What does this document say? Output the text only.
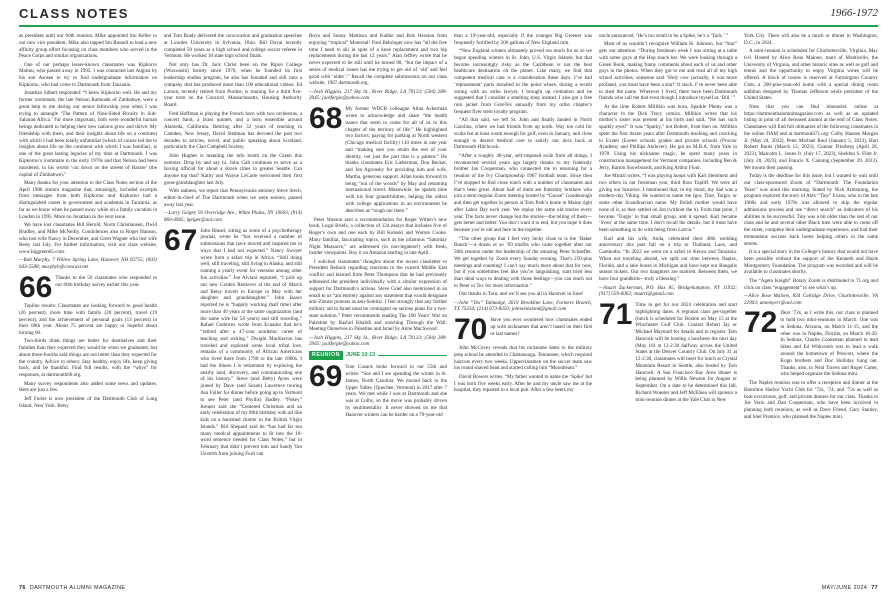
CLASS NOTES	1966-1972

as president until our 60th reunion. Mike appointed Stu Keller to our new vice president. Mike also tapped Stu Russell to lead a new affinity group effort focusing on class members who served in the Peace Corps and similar organizations.

One of our perhaps lesser-known classmates was Kipkorro Malinu, who passed away in 1995. I was contacted last August by his son Asosee to try to find undergraduate information on Kipkorno, who had come to Dartmouth from Tanzania.

Jonathan Silbert responded: “I knew Kipkorno well. He and my former roommate, the late Nelson Ramoade of Zimbabwe, were a great help to me during our senior fellowship year when I was trying to untangle ‘The Pattern of Nine-Sided Rivalry in Sub-Saharan Africa.’ Far more important, both were wonderful human beings dedicated to helping their new nations grow and thrive. My friendship with them, and their insights about life on a continent with which I had been totally unfamiliar (which of course led me to insights about life on the continent with which I was familiar), is one of the great lasting legacies of my time at Dartmouth. I was Kipkorno’s roommate in the early 1970s and that Nelson had been murdered, in his words ‘cut down on the streets of Harare’ (the capital of Zimbabwe).”

Many thanks for your attention to the Class Notes section of the April 1986 alumni magazine that, amusingly, included excerpts from messages from both Kipkorno and Kipkorno had a distinguished career in government and academia in Tanzania, as far as we know when he passed away while on a family vacation in London in 1995. More on Jonathan in the next issue.

We have lost classmates Bill Herold, Norm Christiansen, Dwid Bradley, and Mike McNeilly. Condolences also to Roger Hanson, who lost wife Nancy in December, and Greet Wagner who lost wife Betsy last July. For further information, visit our class website, www.biggreen65.com.

—Bob Murphy, 7 Willow Spring Lane, Hanover, NH 03755; (603) 643-5588; murphyb@comcast.net

66 Thanks to the 50 classmates who responded to our 60th birthday survey earlier this year.

Topline results: Classmates are looking forward to good health (26 percent), more time with family (20 percent), travel (19 percent), and the achievement of personal goals (13 percent) in their 60th year. About 75 percent are happy or hopeful about turning 60.

Two-thirds think things are better for themselves and their families than they expected they would be when we graduated, but about three-fourths said things are not better than they expected for the country. Advice to others: Stay healthy, enjoy life, keep giving back, and be thankful. Find full results, with the “whys” for responses, at dartmouth66.org.

Many survey respondents also added some news and updates. Here are just a few.

Jeff Furler is now president of the Dartmouth Club of Long Island, New York. Betsy

and Tom Brady delivered the convocation and graduation speeches at Lourdes University in Sylvania, Ohio. Bill Duval recently completed 50 years as a high school and college soccer referee in Vermont. He worked 18 state high school finals.

Not only has Dr. Jack Christ been on the Ripon College (Wisconsin) faculty since 1970, when he founded its first leadership studies program, he also has founded and still runs a company that has produced more than 100 educational videos. Ed Larson, recently retired from Purdue, is running for a third five-year term on the Concord, Massachusetts, Housing Authority Board.

Fred Hoffman is playing the French horn with two orchestras, a concert band, a brass quintet, and a horn ensemble around Alameda, California. Retiring after 32 years of teaching in Camden, New Jersey, David Stedman has devoted the past two decades to articles, novel, and public speaking about Scotland, particularly the Clan Campbell Society.

John Hughes is manning the info booth on the Green this summer. Drop by and say hi. John Galt continues to serve as a boxing official for about a dozen cities in greater Seattle. Can anyone top that? Kathy and Wayne LeCarte welcomed their first great-granddaughter last July.

With sadness, we report that Pennsylvania attorney Steve Stech, editor-in-chief of The Dartmouth when we were seniors, passed away last year.

—Larry Geiger, 93 Overridge Ave., White Plains, NY 10603; (914) 860-4945; lgeiger@aol.com

67 John Rhead, sitting as some of a psychotherapy journal, wrote he “has received a number of submissions that have moved and inspired me in ways that I had not expected.” Nancy Swoyer wrote from a safari trip in Africa. “Still doing well, still traveling, still living in Alaska, and still running a yearly event for veterans among other fun activities.” Joe Alviani reported, “I pick up our new Golden Retriever at the end of March and Betsy travels to Europe in May with her daughter and granddaughter.” John Isaacs reported he is “happily working (half time) after more than 40 years at the same organization (and the same wife for 50 years) and still traveling.” Rafael Gutierrez wrote from Ecuador that he’s “retired after a 47-year academic career of teaching and writing.” Dwight MacKerron has traveled and explored some local tribal lore, remains of a community of African Americans who lived there from 1790 to the late 1800s. I had the illness I is retirement by exploring the nearby land, discovery, and communicating one of his history.” Steve (and Betty) Ayres were joined by Dave (and Susan) Lawrence touring Asa Fuller for dinner before going up to Vermont to see Peter (and Phyllis) Hadley. “Pokey” Kenner said she “Centered Christmas and an early celebration of my 80th birthday with all like kids on a banished charter in the British Virgin Islands.” Bill Shepard said he “has had far too many medical appointments to fit into the 10-word sentence needed for Class Notes,” but in February that didn’t prevent him and Sandy Van Unverth from joining Ford van

Royn and Sunny Mattison and Kathie and Bob Hession from enjoying “tropical” Montreal! Fred Behringer now has “all the free time I need to ski in spite of a knee replacement and two hip replacements during the last 12 years.” Alan Jeffrey wrote that he never expected to be still until he turned 98, “but the impact of a series of medical issues has me trying to get old of ‘old’ and feel good with ‘older’.” Recall the complete submissions on our class website, 1967.dartmouth.org.

—Josh Higgins, 217 Sky St., River Ridge, LA 70123; (504) 289-3945; jackfergie@yahoo.com

68 My former WDCR colleague Allan Ackerman wrote to acknowledge and share “the health issues that seem to come for all of us in this chapter of the territory of life.” He highlighted two factors: paying for parking at North western (Chicago medical facility) 110 times in one year and “making sure you retain the rest of your identity, not just the part that is a patient.” He thanks classmates Eric Lieberman, Don Becker, and Jon Agronsky for providing him and wife, Martha, generous support. Allan looks forward to being “out of the woods” by May and resuming international travel. Meanwhile, he spends time with his four grandchildren, helping the oldest with college applications in an environment he describes as “tough out there.”

Peter Wasson sent a recommendation for Roger Witten’s new book, Legal Briefs, a collection of 124 essays that includes five of Roger’s own and one each by Bill Koloski and Warren Cooke. Many familiar, fascinating topics, such as the infamous “Saturday Night Massacre,” are addressed (in non-legalese!) with fresh, insider viewpoints. Buy it on Amazon starting in late April.

I solicited classmates’ thoughts about the recent classletter to President Beilock regarding reactions to the current Middle East conflict and learned from Peter Thompson that he had previously addressed the president individually with a similar expression of support for Dartmouth’s actions. Steve Grief also mentioned in an email to us “am entirely against any statement that would designate anti-Zionist protests as anti-Semitic. I feel strongly that any further military aid to Israel must be contingent on serious plans for a two-state solution.” Peter recommends reading The 100 Years’ War on Palestine by Rashid Khalidi and watching Through the Wall: Meeting Ourselves in Palestine and Israel by Anne MacSwood.

—Josh Higgins, 217 Sky St., River Ridge, LA 70123; (504) 289-3945; jackfergie@yahoo.com

REUNION	JUNE 10-13
69 Tom Cusack looks forward to our 55th and writes: “Sue and I are spending the winter in St. James, North Carolina. We moved back to the Upper Valley (Quechee, Vermont) in 2017 after 7 years. We met while I was at Dartmouth and she was at Colby, so the move was probably driven by sentimentality. It never showed on me that Hanover winters can be harder on a 70-year-old

than a 19-year-old, especially if the younger Big Greener was frequently fortified by 200 gallons of New England rum.

“New England winters ultimately proved too much for us so we began spending winters in St. John, U.S. Virgin Islands, but that became increasingly risky as the Caribbean is not the best healthcare destination on the planet. Like many, we find that competent medical care is a consideration these days. I’ve had ‘replacement’ parts installed to the point where, during a recent outing with an ortho lawyer, I brought up cremation and he suggested that I consider a smelting shop instead. I also got a free ruin jacket from GoreTex annually from my ortho chapter’s frequent flyer stent loyalty program.

“All that said, we left St. John and finally landed in North Carolina, where we had friends from up north. Way too cold for scuba but at least warm enough for golf, even in January, and close enough to decent medical care to satisfy our docs back at Dartmouth-Hitchcock.

“After a roughly 40-year, self-imposed exile from all things, I reconnected several years ago largely thanks to my fraternity brother Jan Cooperman, who connected me to returning for a reunion of the Ivy Championship 1967 football team. Since then I’ve stopped to find close touch with a number of classmates and that’s been great. About half of them are fraternity brothers who join a semi-regular Zoom meeting hosted by “Goose” Goodenough and then get together in person at Tom Park’s home in Maine right after Labor Day each year. We replay the same old stories every year. The facts never change but the stories—the telling of them—gets better and better. You don’t want it to end, but you hope it does because you’re old and here in the together.

“The other group that I feel very lucky close to is the ‘Baker Bunch’—a dozen or so ’69 misfits who came together after our 50th reunion under the leadership of the amazing Peter Schaeffer. We get together by Zoom every Sunday evening. That’s 250-plus meetings and counting! I can’t say much more about that for now, but if you sometimes feel like you’re languishing, start tried less than ideal ways to dealing with those feelings—you can reach out to Peter or Tex for more information.”

Our thanks to Tom, and we’ll see you all in Hanover in June!

—John “Tex” Talmadge, 2619 Brookline Lane, Farmers Branch, TX 75234; (214) 673-8250; johnwitesland@gmail.com

70 Have you ever wondered how classmates ended up with nicknames that aren’t based on their first or last names?

John McCovey reveals that his nickname dates to the military prep school he attended in Chattanooga, Tennessee, which required haircuts every two weeks. Upperclassmen on the soccer team saw his round shaved head and started calling him “Moonbeam.”

David Bowers writes, “My father wanted to name me ‘Spike’ but I was born five weeks early. After he and my uncle saw me at the hospital, they repaired to a local pub. After a few beers my

uncle announced, ‘He’s too small to be a Spike, he’s a ‘Tack.’ ”

Most of us wouldn’t recognize William H. Johnson, but “Star” gets our attention. “During freshman week I was sitting at a table with some guys at the Hop snack bar. We were looking through a Green Book, making funny comments about each of us and other guys in the photos. When they got to me and read all of my high school activities, someone said ‘Holy cow (actually, it was more profane), you must have been a star!’ It stuck. I’ve never been able to shed the name. Wherever I lived, there have been Dartmouth friends who call me that even though I introduce myself as ‘Bill.’ ”

At the time Robert Millikin was born, Sparkle Plenty was a character in the Dick Tracy comics. Millikin writes that his mother’s sister was present at his birth and said, “He has such sparkly eyes!” It was “Sparky,” not Robert, from then on. Millikin spent the first dozen years after Dartmouth teaching and coaching in Exeter (Exeter schools grades and private schools (Proctor Academy and Phillips Andover). He got an M.B.A. from Yale in 1978. Using his nickname magic, he spent many years in construction management for Vermont companies, including Ben & Jerry, Barton Snowboards, and King Arthur Flour.

Joe Mintzl writes, “I was playing hoops with Karl Steinmetz and two others in our freshman year, third floor Topliff. We were all giving our histories. I mentioned that, in my mind, my dad was a modern-day Viking. He wanted to name me Igor, Thor, Torgis, or some other Scandinavian name. My Polish mother would have none of it, so they settled on Jon (without the h). From that point, I became ‘Torgis’ to that small group, and it spread. Karl became ‘Sven’ at the same time. I don’t recall the details, but it must have been something to do with being from Latvia.”

Karl and his wife, Anda, celebrated their 40th wedding anniversary this past fall on a trip to Thailand, Laos, and Cambodia. “In 2022 we went on a safari to Kenya and Tanzania. When not traveling abroad, we split our time between Naples, Florida, and a lake house in Michigan and have kept our Bangalis season tickets. Our two daughters are married. Between them, we have four grandkids—truly a blessing.”

—Stuart Zuckerman, P.O. Box 85, Bridgehampton, NY 11932; (917) 559-6063; stuartz@gmail.com

71 Time to get for our 2024 celebration and start highlighting dates. A regional class get-together (lunch is scheduled for Boston on May 15 at the Winchester Golf Club. Contact Robert Jay or Michael Maynard for details and to register. Tom Hancock will be hosting a luncheon the next day (May 16) at 12-2:30 halfway across the United States at the Denver Country Club. On July 31 at 12-2:30, classmates will meet for lunch at Crystal Mountain Resort in Seattle, also hosted by Tom Hancock. A San Francisco Bay Area dinner is being planned by Willis Newton for August or September. On a date to be determined this fall, Richard Woester and Jeff McElnea will sponsor a mini-reunion dinner at the Yale Club in New

York City. There will also be a lunch or dinner in Washington, D.C., in 2024.

A mini-reunion is scheduled for Charlottesville, Virginia, May 6-8. Hosted by Alice Rose Malone, tours of Monticello, the University of Virginia, and other historic sites as well as golf and tennis and the opportunity to enjoy Virginia wines will be offered. A block of rooms is reserved at Farmington Country Club, a 200-plus-year-old home with a special dining room addition designed by Thomas Jefferson while president of the United States.

Note that you can find itineraries online at https://dartmouthalumnimagazine.com as well as an updated listing in print of all deceased alumni at the end of Class Notes. Classmates will find full obituaries of the following classmates in the online DAM and at dartmouth71.org: Colby Hansen Morgan Jr. (May 24, 2022), Peter Michael Raul (January 5, 2023), Hart Robert Bards (March 13, 2023), Gunnar Flintberg (April 28, 2023), Malcolm L. Jones Jr. (July 17, 2023), Sheldon S. Flint Jr. (July 28, 2023), and Francis X. Canning (September 29, 2023). We mourn their passing.

Today is the deadline for this issue, but I wanted to wait until our class-sponsored Zoom of “Dartmouth: The Foundation Years” was aired this morning. Stated by Nick Armstrong, the program explored the story of Alex “Tiny” Evans, who in the late 1960s and early 1970s was allowed to skip the regular admissions process and use “direct search” as indicators of his abilities to be successful. Tiny was a bit older than the rest of our class and he and several other Black men were able to come off the street, complete their undergraduate experience, and had their tremendous success back home helping others in the same streets.

It is a special story in the College’s history that would not have been possible without the support of the Kenneth and Hazle Montgomery Foundation. The program was recorded and will be available to classmates shortly.

The “Ageto Knight” Rotary Zoom is distributed to 71.org and click on class “engagement” to see what’s up.

—Alice Rose Malone, 834 Colridge Drive, Charlottesville, VA 22903; amomyerr@aol.com

72 Dear ’72s, as I write this, our class is planned to hold two mini-reunions in March. One was in Sedona, Arizona, on March 11-15, and the other was in Naples, Florida, on March 16-20. In Sedona, Charlie Cookeman planned to lead hikes and Ed Whitcomb was to lead a walk around the hometown of Prescott, where the Kopp brothers and Doc Holliday hung out. Thanks, also, to Neal Traven and Roger Carter, who helped organize the Sedona mini.

The Naples reunion was to offer a reception and dinner at the Hamilton Harbor Yacht Club for ’72s, ’74, and ’72s as well as boat excursions, golf, and private dinners for our class. Thanks to Joe Yerio and Dan Cooperman, who have been involved in planning both reunions, as well as Dave Friend, Gary Stanley, and Shel Prentice, who planned the Naples mini.

76 DARTMOUTH ALUMNI MAGAZINE	MAY/JUNE 2024 77
